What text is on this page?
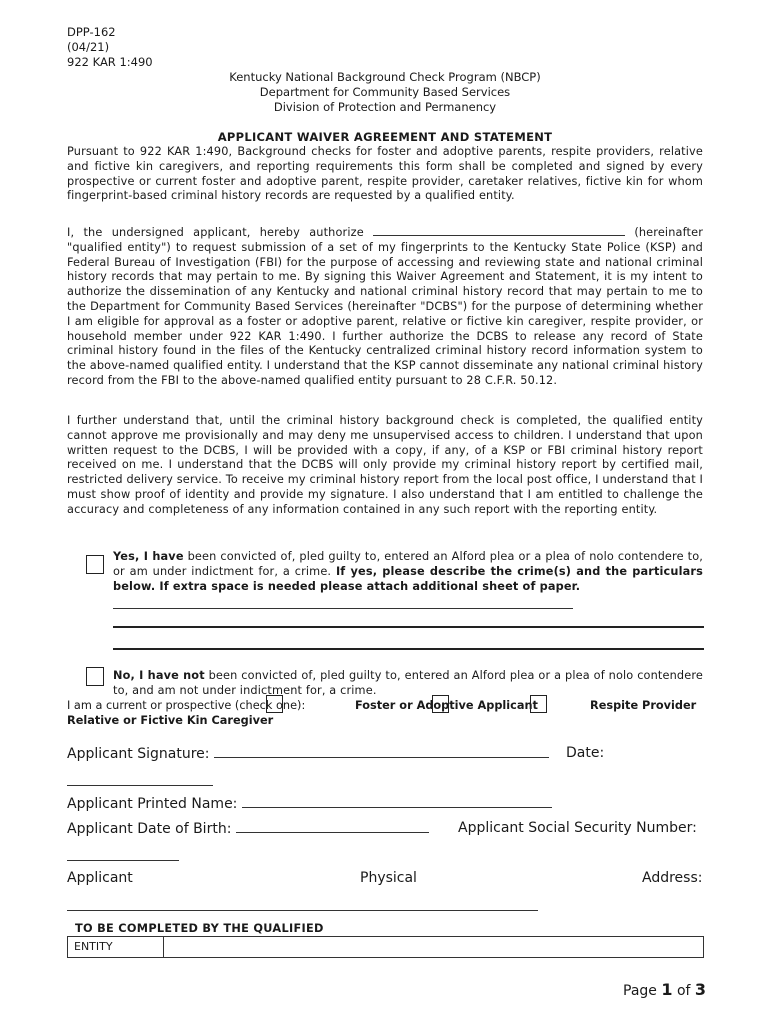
DPP-162
(04/21)
922 KAR 1:490
Kentucky National Background Check Program (NBCP)
Department for Community Based Services
Division of Protection and Permanency
APPLICANT WAIVER AGREEMENT AND STATEMENT
Pursuant to 922 KAR 1:490, Background checks for foster and adoptive parents, respite providers, relative and fictive kin caregivers, and reporting requirements this form shall be completed and signed by every prospective or current foster and adoptive parent, respite provider, caretaker relatives, fictive kin for whom fingerprint-based criminal history records are requested by a qualified entity.
I, the undersigned applicant, hereby authorize	(hereinafter "qualified entity") to request submission of a set of my fingerprints to the Kentucky State Police (KSP) and Federal Bureau of Investigation (FBI) for the purpose of accessing and reviewing state and national criminal history records that may pertain to me. By signing this Waiver Agreement and Statement, it is my intent to authorize the dissemination of any Kentucky and national criminal history record that may pertain to me to the Department for Community Based Services (hereinafter "DCBS") for the purpose of determining whether I am eligible for approval as a foster or adoptive parent, relative or fictive kin caregiver, respite provider, or household member under 922 KAR 1:490. I further authorize the DCBS to release any record of State criminal history found in the files of the Kentucky centralized criminal history record information system to the above-named qualified entity. I understand that the KSP cannot disseminate any national criminal history record from the FBI to the above-named qualified entity pursuant to 28 C.F.R. 50.12.
I further understand that, until the criminal history background check is completed, the qualified entity cannot approve me provisionally and may deny me unsupervised access to children. I understand that upon written request to the DCBS, I will be provided with a copy, if any, of a KSP or FBI criminal history report received on me. I understand that the DCBS will only provide my criminal history report by certified mail, restricted delivery service. To receive my criminal history report from the local post office, I understand that I must show proof of identity and provide my signature. I also understand that I am entitled to challenge the accuracy and completeness of any information contained in any such report with the reporting entity.
Yes, I have been convicted of, pled guilty to, entered an Alford plea or a plea of nolo contendere to, or am under indictment for, a crime. If yes, please describe the crime(s) and the particulars below. If extra space is needed please attach additional sheet of paper.
No, I have not been convicted of, pled guilty to, entered an Alford plea or a plea of nolo contendere to, and am not under indictment for, a crime.
I am a current or prospective (check one):	Foster or Adoptive Applicant	Respite Provider
Relative or Fictive Kin Caregiver
Applicant Signature:	Date:
Applicant Printed Name:
Applicant Date of Birth:	Applicant Social Security Number:
Applicant	Physical	Address:
TO BE COMPLETED BY THE QUALIFIED
ENTITY
Page 1 of 3
